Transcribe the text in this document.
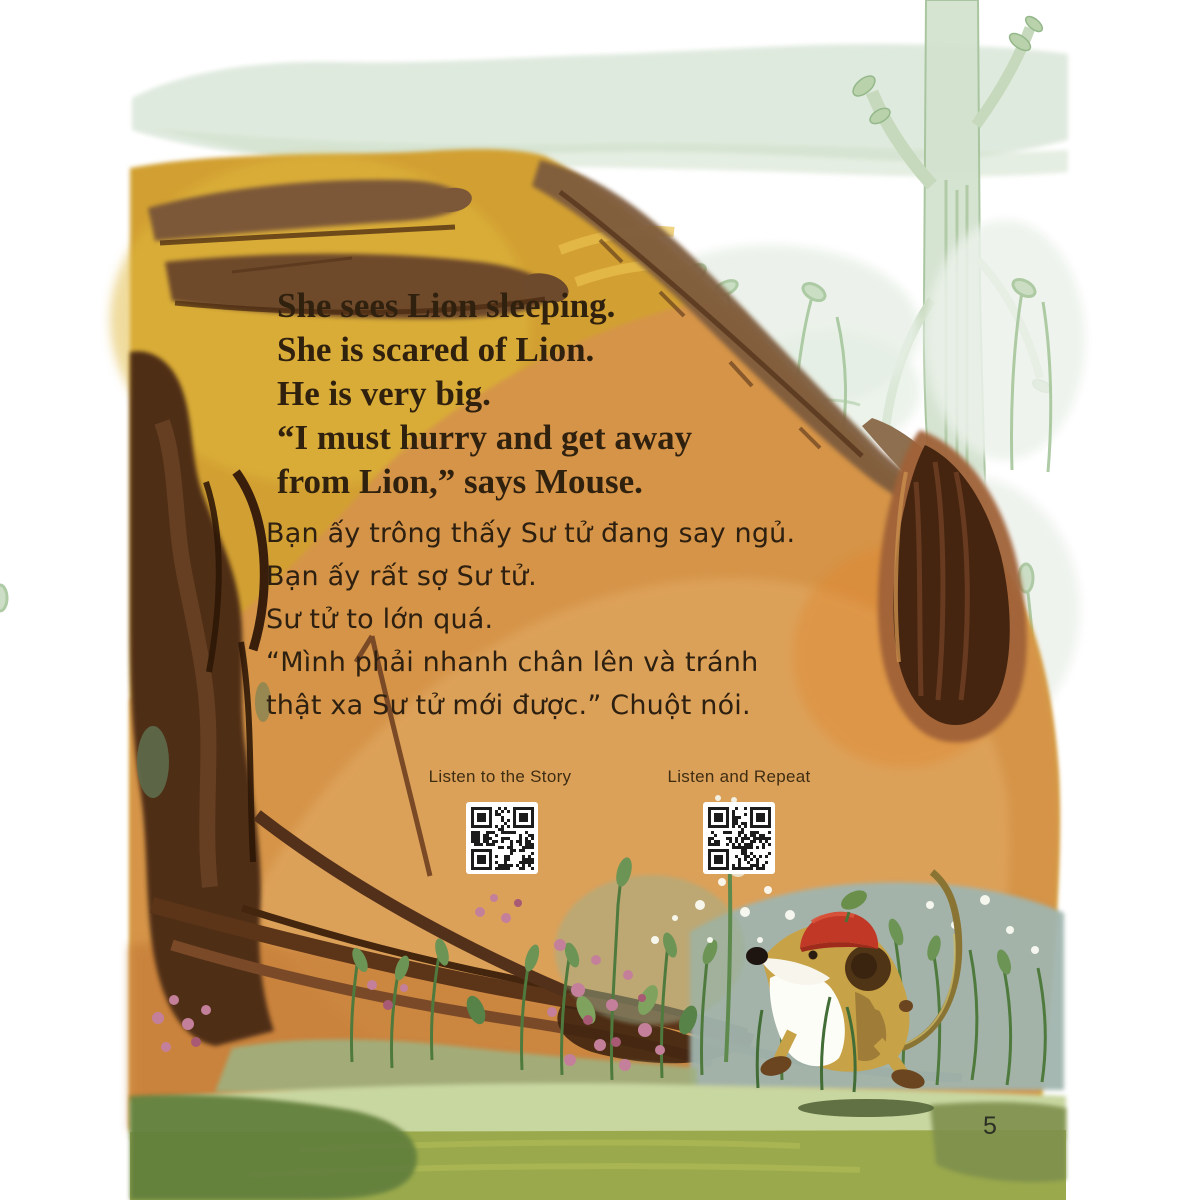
She sees Lion sleeping.
She is scared of Lion.
He is very big.
“I must hurry and get away
from Lion,” says Mouse.
Bạn ấy trông thấy Sư tử đang say ngủ.
Bạn ấy rất sợ Sư tử.
Sư tử to lớn quá.
“Mình phải nhanh chân lên và tránh
thật xa Sư tử mới được.” Chuột nói.
Listen to the Story	Listen and Repeat
5
